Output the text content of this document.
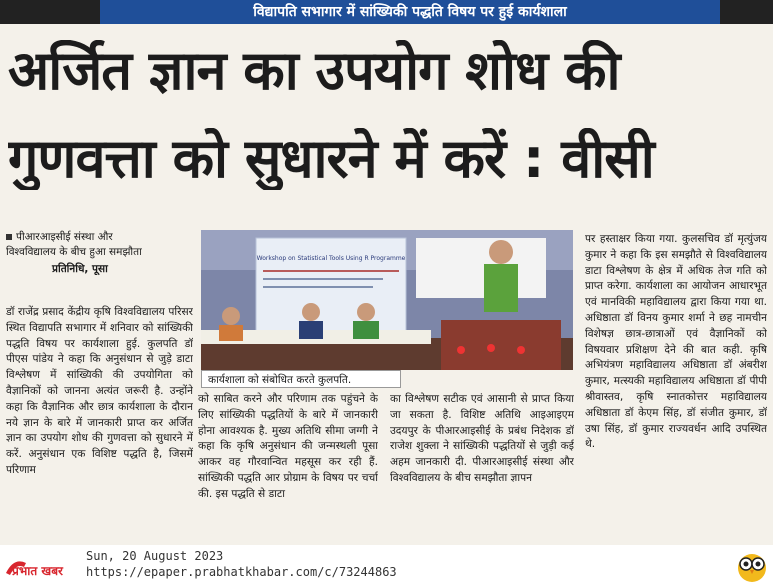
विद्यापति सभागार में सांख्यिकी पद्धति विषय पर हुई कार्यशाला
अर्जित ज्ञान का उपयोग शोध की
गुणवत्ता को सुधारने में करें : वीसी
पीआरआइसीई संस्था और
विश्वविद्यालय के बीच हुआ समझौता
प्रतिनिधि, पूसा

डॉ राजेंद्र प्रसाद केंद्रीय कृषि विश्वविद्यालय परिसर स्थित विद्यापति सभागार में शनिवार को सांख्यिकी पद्धति विषय पर कार्यशाला हुई. कुलपति डॉ पीएस पांडेय ने कहा कि अनुसंधान से जुड़े डाटा विश्लेषण में सांख्यिकी की उपयोगिता को वैज्ञानिकों को जानना अत्यंत जरूरी है. उन्होंने कहा कि वैज्ञानिक और छात्र कार्यशाला के दौरान नये ज्ञान के बारे में जानकारी प्राप्त कर अर्जित ज्ञान का उपयोग शोध की गुणवत्ता को सुधारने में करें. अनुसंधान एक विशिष्ट पद्धति है, जिसमें परिणाम

Workshop on Statistical Tools Using R Programme
कार्यशाला को संबोधित करते कुलपति.

को साबित करने और परिणाम तक पहुंचने के लिए सांख्यिकी पद्धतियों के बारे में जानकारी होना आवश्यक है. मुख्य अतिथि सीमा जग्गी ने कहा कि कृषि अनुसंधान की जन्मस्थली पूसा आकर वह गौरवान्वित महसूस कर रही हैं. सांख्यिकी पद्धति आर प्रोग्राम के विषय पर चर्चा की. इस पद्धति से डाटा

का विश्लेषण सटीक एवं आसानी से प्राप्त किया जा सकता है. विशिष्ट अतिथि आइआइएम उदयपुर के पीआरआइसीई के प्रबंध निदेशक डॉ राजेश शुक्ला ने सांख्यिकी पद्धतियों से जुड़ी कई अहम जानकारी दी. पीआरआइसीई संस्था और विश्वविद्यालय के बीच समझौता ज्ञापन

पर हस्ताक्षर किया गया. कुलसचिव डॉ मृत्युंजय कुमार ने कहा कि इस समझौते से विश्वविद्यालय डाटा विश्लेषण के क्षेत्र में अधिक तेज गति को प्राप्त करेगा. कार्यशाला का आयोजन आधारभूत एवं मानविकी महाविद्यालय द्वारा किया गया था. अधिष्ठाता डॉ विनय कुमार शर्मा ने छह नामचीन विशेषज्ञ छात्र-छात्राओं एवं वैज्ञानिकों को विषयवार प्रशिक्षण देने की बात कही. कृषि अभियंत्रण महाविद्यालय अधिष्ठाता डॉ अंबरीश कुमार, मत्स्यकी महाविद्यालय अधिष्ठाता डॉ पीपी श्रीवास्तव, कृषि स्नातकोत्तर महाविद्यालय अधिष्ठाता डॉ केएम सिंह, डॉ संजीत कुमार, डॉ उषा सिंह, डॉ कुमार राज्यवर्धन आदि उपस्थित थे.

प्रभात खबर
Sun, 20 August 2023
https://epaper.prabhatkhabar.com/c/73244863
